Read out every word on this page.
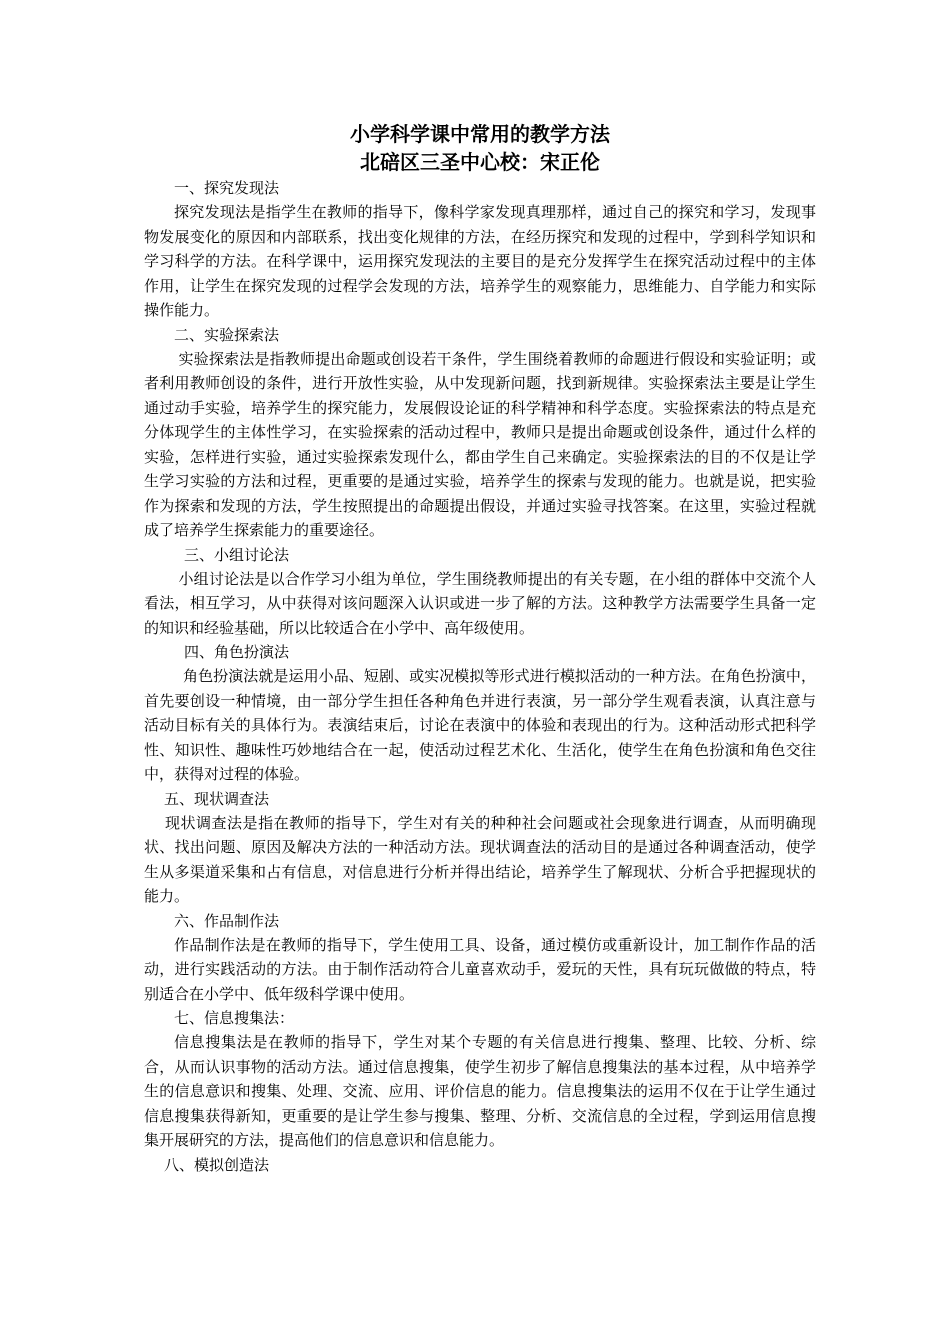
小学科学课中常用的教学方法
北碚区三圣中心校：宋正伦

一、探究发现法

探究发现法是指学生在教师的指导下，像科学家发现真理那样，通过自己的探究和学习，发现事物发展变化的原因和内部联系，找出变化规律的方法，在经历探究和发现的过程中，学到科学知识和学习科学的方法。在科学课中，运用探究发现法的主要目的是充分发挥学生在探究活动过程中的主体作用，让学生在探究发现的过程学会发现的方法，培养学生的观察能力，思维能力、自学能力和实际操作能力。

二、实验探索法

实验探索法是指教师提出命题或创设若干条件，学生围绕着教师的命题进行假设和实验证明；或者利用教师创设的条件，进行开放性实验，从中发现新问题，找到新规律。实验探索法主要是让学生通过动手实验，培养学生的探究能力，发展假设论证的科学精神和科学态度。实验探索法的特点是充分体现学生的主体性学习，在实验探索的活动过程中，教师只是提出命题或创设条件，通过什么样的实验，怎样进行实验，通过实验探索发现什么，都由学生自己来确定。实验探索法的目的不仅是让学生学习实验的方法和过程，更重要的是通过实验，培养学生的探索与发现的能力。也就是说，把实验作为探索和发现的方法，学生按照提出的命题提出假设，并通过实验寻找答案。在这里，实验过程就成了培养学生探索能力的重要途径。

三、小组讨论法

小组讨论法是以合作学习小组为单位，学生围绕教师提出的有关专题，在小组的群体中交流个人看法，相互学习，从中获得对该问题深入认识或进一步了解的方法。这种教学方法需要学生具备一定的知识和经验基础，所以比较适合在小学中、高年级使用。

四、角色扮演法

角色扮演法就是运用小品、短剧、或实况模拟等形式进行模拟活动的一种方法。在角色扮演中，首先要创设一种情境，由一部分学生担任各种角色并进行表演，另一部分学生观看表演，认真注意与活动目标有关的具体行为。表演结束后，讨论在表演中的体验和表现出的行为。这种活动形式把科学性、知识性、趣味性巧妙地结合在一起，使活动过程艺术化、生活化，使学生在角色扮演和角色交往中，获得对过程的体验。

五、现状调查法

现状调查法是指在教师的指导下，学生对有关的种种社会问题或社会现象进行调查，从而明确现状、找出问题、原因及解决方法的一种活动方法。现状调查法的活动目的是通过各种调查活动，使学生从多渠道采集和占有信息，对信息进行分析并得出结论，培养学生了解现状、分析合乎把握现状的能力。

六、作品制作法

作品制作法是在教师的指导下，学生使用工具、设备，通过模仿或重新设计，加工制作作品的活动，进行实践活动的方法。由于制作活动符合儿童喜欢动手，爱玩的天性，具有玩玩做做的特点，特别适合在小学中、低年级科学课中使用。

七、信息搜集法：

信息搜集法是在教师的指导下，学生对某个专题的有关信息进行搜集、整理、比较、分析、综合，从而认识事物的活动方法。通过信息搜集，使学生初步了解信息搜集法的基本过程，从中培养学生的信息意识和搜集、处理、交流、应用、评价信息的能力。信息搜集法的运用不仅在于让学生通过信息搜集获得新知，更重要的是让学生参与搜集、整理、分析、交流信息的全过程，学到运用信息搜集开展研究的方法，提高他们的信息意识和信息能力。

八、模拟创造法
